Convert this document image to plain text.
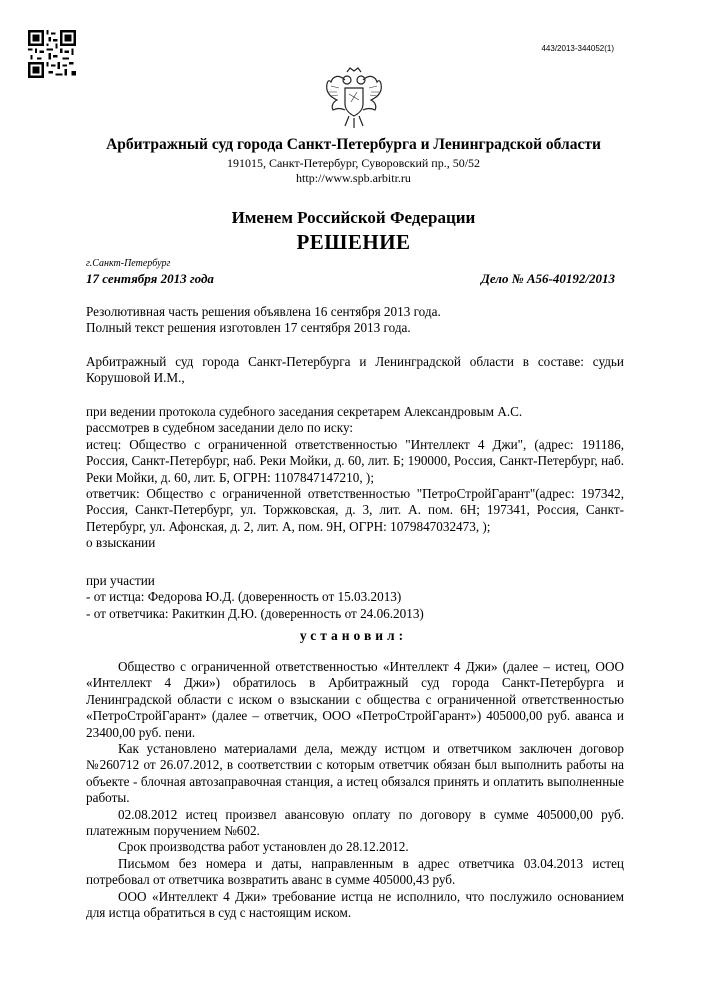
443/2013-344052(1)
Арбитражный суд города Санкт-Петербурга и Ленинградской области
191015, Санкт-Петербург, Суворовский пр., 50/52
http://www.spb.arbitr.ru
Именем Российской Федерации
РЕШЕНИЕ
г.Санкт-Петербург
17 сентября 2013 года	Дело № А56-40192/2013

Резолютивная часть решения объявлена 16 сентября 2013 года.

Полный текст решения изготовлен 17 сентября 2013 года.

Арбитражный суд города Санкт-Петербурга и Ленинградской области в составе: судьи Корушовой И.М.,

при ведении протокола судебного заседания секретарем Александровым А.С.

рассмотрев в судебном заседании дело по иску:

истец: Общество с ограниченной ответственностью "Интеллект 4 Джи", (адрес: 191186, Россия, Санкт-Петербург, наб. Реки Мойки, д. 60, лит. Б; 190000, Россия, Санкт-Петербург, наб. Реки Мойки, д. 60, лит. Б, ОГРН: 1107847147210, );

ответчик: Общество с ограниченной ответственностью "ПетроСтройГарант"(адрес: 197342, Россия, Санкт-Петербург, ул. Торжковская, д. 3, лит. А. пом. 6Н; 197341, Россия, Санкт-Петербург, ул. Афонская, д. 2, лит. А, пом. 9Н, ОГРН: 1079847032473, );

о взыскании

при участии

- от истца: Федорова Ю.Д. (доверенность от 15.03.2013)

- от ответчика: Ракиткин Д.Ю. (доверенность от 24.06.2013)

установил:

Общество с ограниченной ответственностью «Интеллект 4 Джи» (далее – истец, ООО «Интеллект 4 Джи») обратилось в Арбитражный суд города Санкт-Петербурга и Ленинградской области с иском о взыскании с общества с ограниченной ответственностью «ПетроСтройГарант» (далее – ответчик, ООО «ПетроСтройГарант») 405000,00 руб. аванса и 23400,00 руб. пени.

Как установлено материалами дела, между истцом и ответчиком заключен договор №260712 от 26.07.2012, в соответствии с которым ответчик обязан был выполнить работы на объекте - блочная автозаправочная станция, а истец обязался принять и оплатить выполненные работы.

02.08.2012 истец произвел авансовую оплату по договору в сумме 405000,00 руб. платежным поручением №602.

Срок производства работ установлен до 28.12.2012.

Письмом без номера и даты, направленным в адрес ответчика 03.04.2013 истец потребовал от ответчика возвратить аванс в сумме 405000,43 руб.

ООО «Интеллект 4 Джи» требование истца не исполнило, что послужило основанием для истца обратиться в суд с настоящим иском.
